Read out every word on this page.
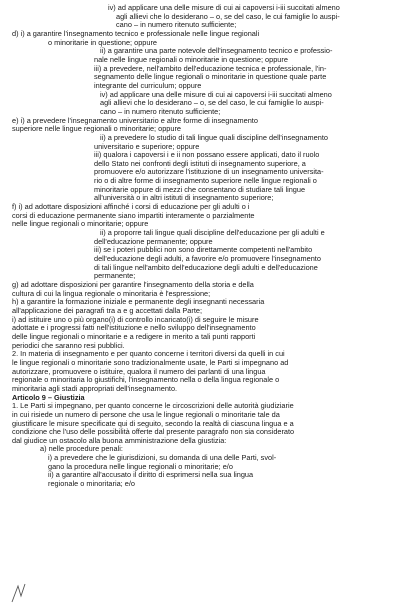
iv) ad applicare una delle misure di cui ai capoversi i-iii succitati almeno
agli allievi che lo desiderano – o, se del caso, le cui famiglie lo auspi-
cano – in numero ritenuto sufficiente;
d) i) a garantire l'insegnamento tecnico e professionale nelle lingue regionali
o minoritarie in questione; oppure
ii) a garantire una parte notevole dell'insegnamento tecnico e professio-
nale nelle lingue regionali o minoritarie in questione; oppure
iii) a prevedere, nell'ambito dell'educazione tecnica e professionale, l'in-
segnamento delle lingue regionali o minoritarie in questione quale parte
integrante del curriculum; oppure
iv) ad applicare una delle misure di cui ai capoversi i-iii succitati almeno
agli allievi che lo desiderano – o, se del caso, le cui famiglie lo auspi-
cano – in numero ritenuto sufficiente;
e) i) a prevedere l'insegnamento universitario e altre forme di insegnamento
superiore nelle lingue regionali o minoritarie; oppure
ii) a prevedere lo studio di tali lingue quali discipline dell'insegnamento
universitario e superiore; oppure
iii) qualora i capoversi i e ii non possano essere applicati, dato il ruolo
dello Stato nei confronti degli istituti di insegnamento superiore, a
promuovere e/o autorizzare l'istituzione di un insegnamento universita-
rio o di altre forme di insegnamento superiore nelle lingue regionali o
minoritarie oppure di mezzi che consentano di studiare tali lingue
all'università o in altri istituti di insegnamento superiore;
f) i) ad adottare disposizioni affinché i corsi di educazione per gli adulti o i
corsi di educazione permanente siano impartiti interamente o parzialmente
nelle lingue regionali o minoritarie; oppure
ii) a proporre tali lingue quali discipline dell'educazione per gli adulti e
dell'educazione permanente; oppure
iii) se i poteri pubblici non sono direttamente competenti nell'ambito
dell'educazione degli adulti, a favorire e/o promuovere l'insegnamento
di tali lingue nell'ambito dell'educazione degli adulti e dell'educazione
permanente;
g) ad adottare disposizioni per garantire l'insegnamento della storia e della
cultura di cui la lingua regionale o minoritaria è l'espressione;
h) a garantire la formazione iniziale e permanente degli insegnanti necessaria
all'applicazione dei paragrafi tra a e g accettati dalla Parte;
i) ad istituire uno o più organo(i) di controllo incaricato(i) di seguire le misure
adottate e i progressi fatti nell'istituzione e nello sviluppo dell'insegnamento
delle lingue regionali o minoritarie e a redigere in merito a tali punti rapporti
periodici che saranno resi pubblici.
2. In materia di insegnamento e per quanto concerne i territori diversi da quelli in cui
le lingue regionali o minoritarie sono tradizionalmente usate, le Parti si impegnano ad
autorizzare, promuovere o istituire, qualora il numero dei parlanti di una lingua
regionale o minoritaria lo giustifichi, l'insegnamento nella o della lingua regionale o
minoritaria agli stadi appropriati dell'insegnamento.
Articolo 9 – Giustizia
1. Le Parti si impegnano, per quanto concerne le circoscrizioni delle autorità giudiziarie
in cui risiede un numero di persone che usa le lingue regionali o minoritarie tale da
giustificare le misure specificate qui di seguito, secondo la realtà di ciascuna lingua e a
condizione che l'uso delle possibilità offerte dal presente paragrafo non sia considerato
dal giudice un ostacolo alla buona amministrazione della giustizia:
a) nelle procedure penali:
i) a prevedere che le giurisdizioni, su domanda di una delle Parti, svol-
gano la procedura nelle lingue regionali o minoritarie; e/o
ii) a garantire all'accusato il diritto di esprimersi nella sua lingua
regionale o minoritaria; e/o
